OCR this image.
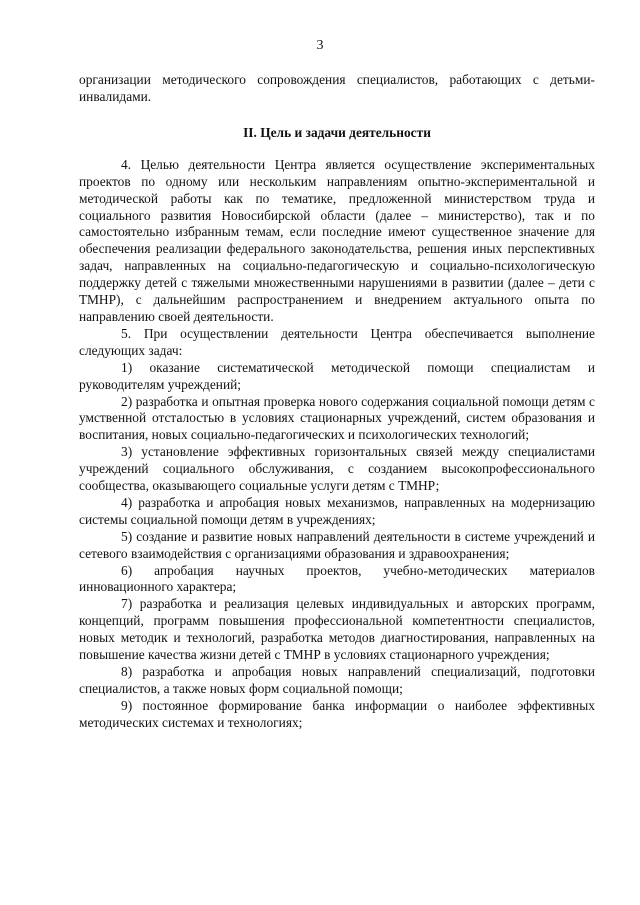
3

организации методического сопровождения специалистов, работающих с детьми-инвалидами.

II. Цель и задачи деятельности

4. Целью деятельности Центра является осуществление экспериментальных проектов по одному или нескольким направлениям опытно-экспериментальной и методической работы как по тематике, предложенной министерством труда и социального развития Новосибирской области (далее – министерство), так и по самостоятельно избранным темам, если последние имеют существенное значение для обеспечения реализации федерального законодательства, решения иных перспективных задач, направленных на социально-педагогическую и социально-психологическую поддержку детей с тяжелыми множественными нарушениями в развитии (далее – дети с ТМНР), с дальнейшим распространением и внедрением актуального опыта по направлению своей деятельности.

5. При осуществлении деятельности Центра обеспечивается выполнение следующих задач:

1) оказание систематической методической помощи специалистам и руководителям учреждений;

2) разработка и опытная проверка нового содержания социальной помощи детям с умственной отсталостью в условиях стационарных учреждений, систем образования и воспитания, новых социально-педагогических и психологических технологий;

3) установление эффективных горизонтальных связей между специалистами учреждений социального обслуживания, с созданием высокопрофессионального сообщества, оказывающего социальные услуги детям с ТМНР;

4) разработка и апробация новых механизмов, направленных на модернизацию системы социальной помощи детям в учреждениях;

5) создание и развитие новых направлений деятельности в системе учреждений и сетевого взаимодействия с организациями образования и здравоохранения;

6) апробация научных проектов, учебно-методических материалов инновационного характера;

7) разработка и реализация целевых индивидуальных и авторских программ, концепций, программ повышения профессиональной компетентности специалистов, новых методик и технологий, разработка методов диагностирования, направленных на повышение качества жизни детей с ТМНР в условиях стационарного учреждения;

8) разработка и апробация новых направлений специализаций, подготовки специалистов, а также новых форм социальной помощи;

9) постоянное формирование банка информации о наиболее эффективных методических системах и технологиях;
